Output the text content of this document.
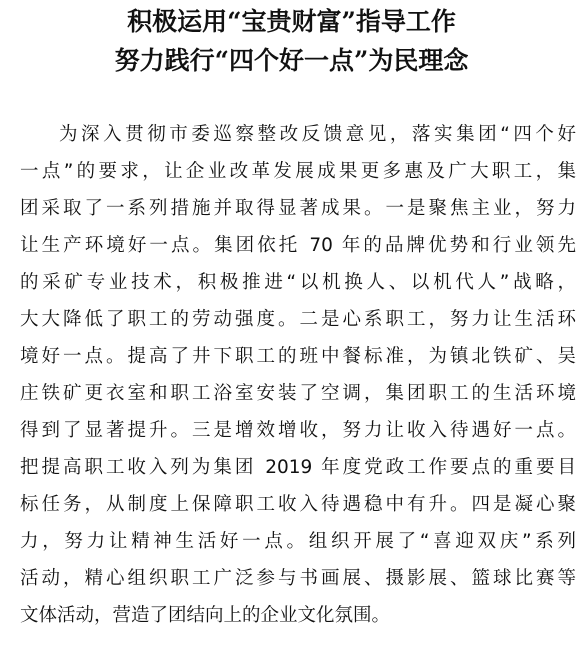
积极运用“宝贵财富”指导工作
努力践行“四个好一点”为民理念
为深入贯彻市委巡察整改反馈意见，落实集团“四个好
一点”的要求，让企业改革发展成果更多惠及广大职工，集
团采取了一系列措施并取得显著成果。一是聚焦主业，努力
让生产环境好一点。集团依托 70 年的品牌优势和行业领先
的采矿专业技术，积极推进“以机换人、以机代人”战略，
大大降低了职工的劳动强度。二是心系职工，努力让生活环
境好一点。提高了井下职工的班中餐标准，为镇北铁矿、吴
庄铁矿更衣室和职工浴室安装了空调，集团职工的生活环境
得到了显著提升。三是增效增收，努力让收入待遇好一点。
把提高职工收入列为集团 2019 年度党政工作要点的重要目
标任务，从制度上保障职工收入待遇稳中有升。四是凝心聚
力，努力让精神生活好一点。组织开展了“喜迎双庆”系列
活动，精心组织职工广泛参与书画展、摄影展、篮球比赛等
文体活动，营造了团结向上的企业文化氛围。
